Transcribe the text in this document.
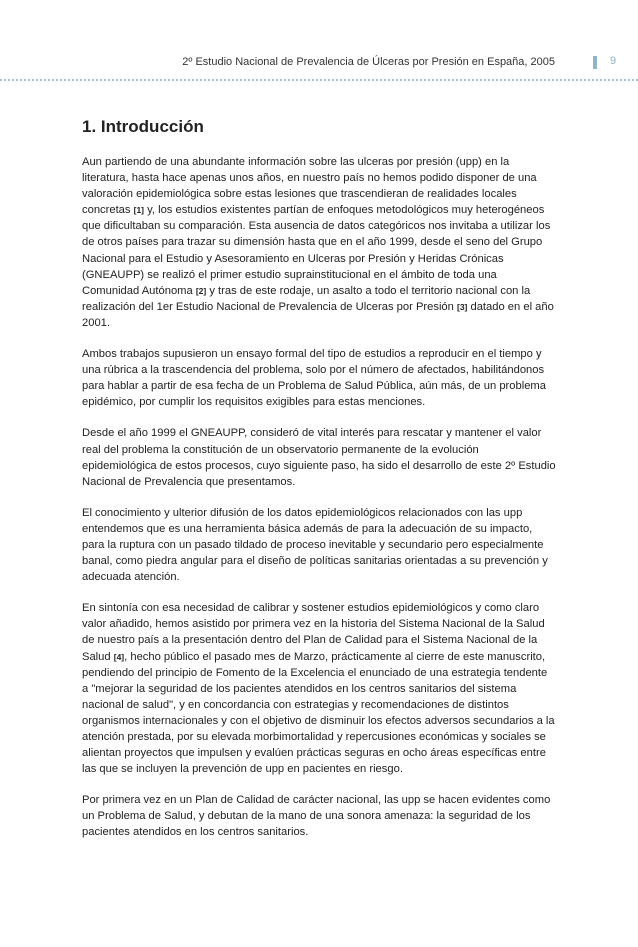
2º Estudio Nacional de Prevalencia de Úlceras por Presión en España, 2005	9
1. Introducción

Aun partiendo de una abundante información sobre las ulceras por presión (upp) en la literatura, hasta hace apenas unos años, en nuestro país no hemos podido disponer de una valoración epidemiológica sobre estas lesiones que trascendieran de realidades locales concretas [1] y, los estudios existentes partían de enfoques metodológicos muy heterogéneos que dificultaban su comparación. Esta ausencia de datos categóricos nos invitaba a utilizar los de otros países para trazar su dimensión hasta que en el año 1999, desde el seno del Grupo Nacional para el Estudio y Asesoramiento en Ulceras por Presión y Heridas Crónicas (GNEAUPP) se realizó el primer estudio suprainstitucional en el ámbito de toda una Comunidad Autónoma [2] y tras de este rodaje, un asalto a todo el territorio nacional con la realización del 1er Estudio Nacional de Prevalencia de Ulceras por Presión [3] datado en el año 2001.

Ambos trabajos supusieron un ensayo formal del tipo de estudios a reproducir en el tiempo y una rúbrica a la trascendencia del problema, solo por el número de afectados, habilitándonos para hablar a partir de esa fecha de un Problema de Salud Pública, aún más, de un problema epidémico, por cumplir los requisitos exigibles para estas menciones.

Desde el año 1999 el GNEAUPP, consideró de vital interés para rescatar y mantener el valor real del problema la constitución de un observatorio permanente de la evolución epidemiológica de estos procesos, cuyo siguiente paso, ha sido el desarrollo de este 2º Estudio Nacional de Prevalencia que presentamos.

El conocimiento y ulterior difusión de los datos epidemiológicos relacionados con las upp entendemos que es una herramienta básica además de para la adecuación de su impacto, para la ruptura con un pasado tildado de proceso inevitable y secundario pero especialmente banal, como piedra angular para el diseño de políticas sanitarias orientadas a su prevención y adecuada atención.

En sintonía con esa necesidad de calibrar y sostener estudios epidemiológicos y como claro valor añadido, hemos asistido por primera vez en la historia del Sistema Nacional de la Salud de nuestro país a la presentación dentro del Plan de Calidad para el Sistema Nacional de la Salud [4], hecho público el pasado mes de Marzo, prácticamente al cierre de este manuscrito, pendiendo del principio de Fomento de la Excelencia el enunciado de una estrategia tendente a "mejorar la seguridad de los pacientes atendidos en los centros sanitarios del sistema nacional de salud", y en concordancia con estrategias y recomendaciones de distintos organismos internacionales y con el objetivo de disminuir los efectos adversos secundarios a la atención prestada, por su elevada morbimortalidad y repercusiones económicas y sociales se alientan proyectos que impulsen y evalúen prácticas seguras en ocho áreas específicas entre las que se incluyen la prevención de upp en pacientes en riesgo.

Por primera vez en un Plan de Calidad de carácter nacional, las upp se hacen evidentes como un Problema de Salud, y debutan de la mano de una sonora amenaza: la seguridad de los pacientes atendidos en los centros sanitarios.
